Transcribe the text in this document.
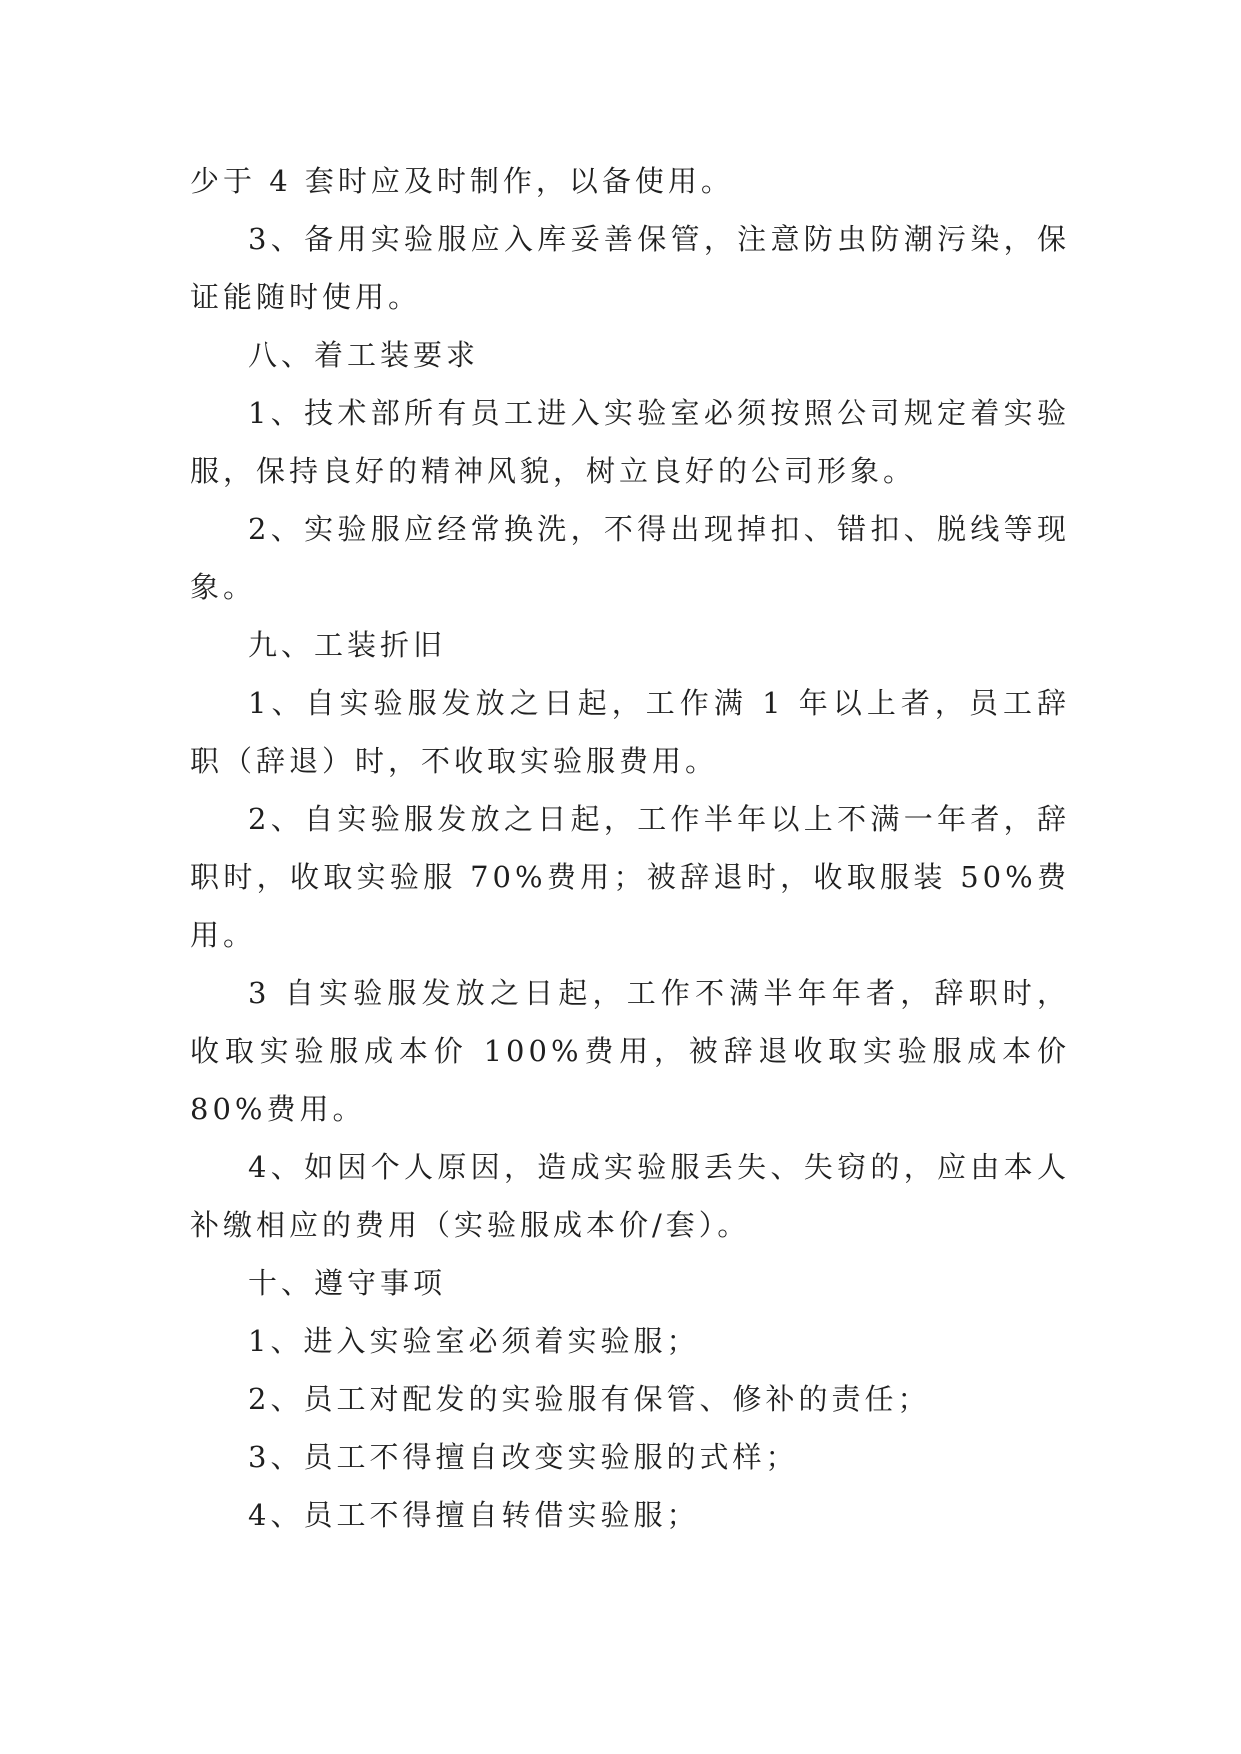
少于 4 套时应及时制作，以备使用。

3、备用实验服应入库妥善保管，注意防虫防潮污染，保证能随时使用。

八、着工装要求

1、技术部所有员工进入实验室必须按照公司规定着实验服，保持良好的精神风貌，树立良好的公司形象。

2、实验服应经常换洗，不得出现掉扣、错扣、脱线等现象。

九、工装折旧

1、自实验服发放之日起，工作满 1 年以上者，员工辞职（辞退）时，不收取实验服费用。

2、自实验服发放之日起，工作半年以上不满一年者，辞职时，收取实验服 70%费用；被辞退时，收取服装 50%费用。

3 自实验服发放之日起，工作不满半年年者，辞职时，收取实验服成本价 100%费用，被辞退收取实验服成本价 80%费用。

4、如因个人原因，造成实验服丢失、失窃的，应由本人补缴相应的费用（实验服成本价/套）。

十、遵守事项

1、进入实验室必须着实验服；

2、员工对配发的实验服有保管、修补的责任；

3、员工不得擅自改变实验服的式样；

4、员工不得擅自转借实验服；
